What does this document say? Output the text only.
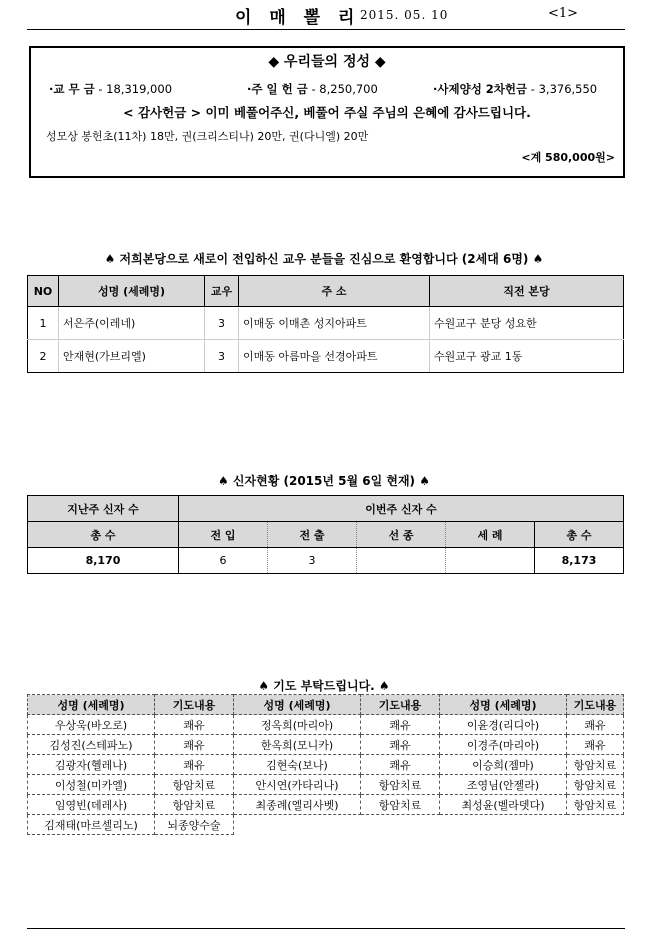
이 매 뽈 리 2015. 05. 10	<1>
◆ 우리들의 정성 ◆
·교 무 금 - 18,319,000	·주 일 헌 금 - 8,250,700	·사제양성 2차헌금 - 3,376,550
< 감사헌금 > 이미 베풀어주신, 베풀어 주실 주님의 은혜에 감사드립니다.
성모상 봉헌초(11차) 18만, 권(크리스티나) 20만, 권(다니엘) 20만
<계 580,000원>
♠ 저희본당으로 새로이 전입하신 교우 분들을 진심으로 환영합니다 (2세대 6명) ♠
NO	성명 (세례명)	교우	주 소	직전 본당
1	서은주(이레네)	3	이매동 이매촌 성지아파트	수원교구 분당 성요한
2	안재현(가브리엘)	3	이매동 아름마을 선경아파트	수원교구 광교 1동
♠ 신자현황 (2015년 5월 6일 현재) ♠
지난주 신자 수	이번주 신자 수				
총 수	전 입	전 출	선 종	세 례	총 수
8,170	6	3			8,173
♠ 기도 부탁드립니다. ♠
성명 (세례명)	기도내용	성명 (세례명)	기도내용	성명 (세례명)	기도내용
우상욱(바오로)	쾌유	정옥희(마리아)	쾌유	이윤경(리디아)	쾌유
김성진(스테파노)	쾌유	한옥희(모니카)	쾌유	이경주(마리아)	쾌유
김광자(헬레나)	쾌유	김현숙(보나)	쾌유	이승희(젬마)	항암치료
이성철(미카엘)	항암치료	안시연(카타리나)	항암치료	조영님(안젤라)	항암치료
임영빈(데레사)	항암치료	최종례(엘리사벳)	항암치료	최성윤(벨라뎃다)	항암치료
김재태(마르셀리노)	뇌종양수술				
